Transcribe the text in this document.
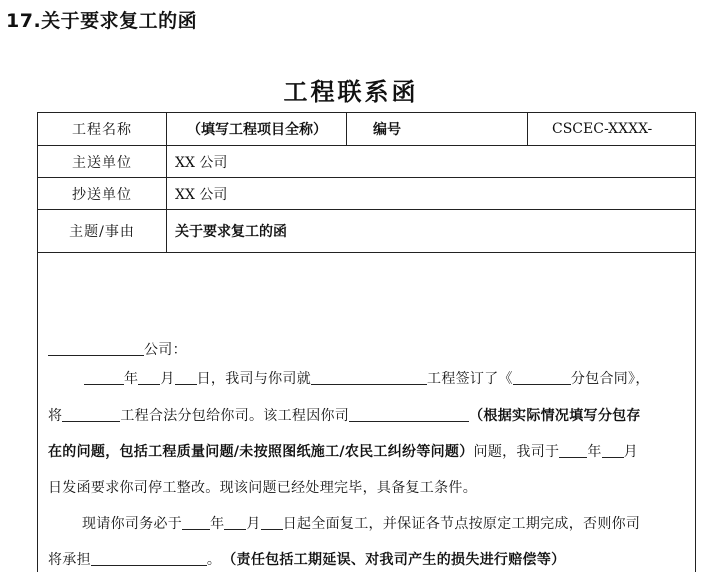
17.关于要求复工的函
工程联系函
工程名称	（填写工程项目全称）	编号	CSCEC-XXXX-
主送单位	XX 公司
抄送单位	XX 公司
主题/事由	关于要求复工的函
公司：
年 月 日，我司与你司就	工程签订了《	分包合同》，
将	工程合法分包给你司。该工程因你司	（根据实际情况填写分包存
在的问题，包括工程质量问题/未按照图纸施工/农民工纠纷等问题）问题，我司于 年 月
日发函要求你司停工整改。现该问题已经处理完毕，具备复工条件。
现请你司务必于 年 月 日起全面复工，并保证各节点按原定工期完成，否则你司
将承担	。 （责任包括工期延误、对我司产生的损失进行赔偿等）
